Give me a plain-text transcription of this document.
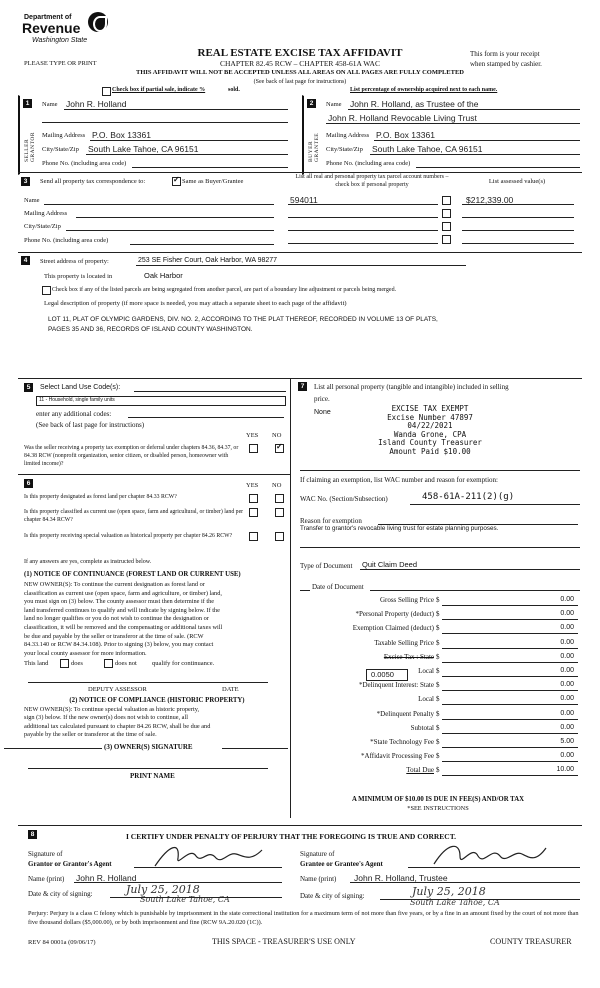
Department of
Revenue
Washington State
PLEASE TYPE OR PRINT
REAL ESTATE EXCISE TAX AFFIDAVIT
CHAPTER 82.45 RCW – CHAPTER 458-61A WAC
This form is your receipt
when stamped by cashier.
THIS AFFIDAVIT WILL NOT BE ACCEPTED UNLESS ALL AREAS ON ALL PAGES ARE FULLY COMPLETED
(See back of last page for instructions)
Check box if partial sale, indicate %	sold.	List percentage of ownership acquired next to each name.
1
SELLER GRANTOR
Name John R. Holland
Mailing Address P.O. Box 13361
City/State/Zip South Lake Tahoe, CA 96151
Phone No. (including area code)
2
BUYER GRANTEE
Name John R. Holland, as Trustee of the
John R. Holland Revocable Living Trust
Mailing Address P.O. Box 13361
City/State/Zip South Lake Tahoe, CA 96151
Phone No. (including area code)
3	Send all property tax correspondence to:
✓	Same as Buyer/Grantee
List all real and personal property tax parcel account numbers – check box if personal property	List assessed value(s)
Name
Mailing Address
City/State/Zip
Phone No. (including area code)
594011	$212,339.00
4	Street address of property:	253 SE Fisher Court, Oak Harbor, WA 98277
This property is located in	Oak Harbor
Check box if any of the listed parcels are being segregated from another parcel, are part of a boundary line adjustment or parcels being merged.
Legal description of property (if more space is needed, you may attach a separate sheet to each page of the affidavit)
LOT 11, PLAT OF OLYMPIC GARDENS, DIV. NO. 2, ACCORDING TO THE PLAT THEREOF, RECORDED IN VOLUME 13 OF PLATS,
PAGES 35 AND 36, RECORDS OF ISLAND COUNTY WASHINGTON.
5	Select Land Use Code(s):
11 - Household, single family units
enter any additional codes:
(See back of last page for instructions)
YES NO
Was the seller receiving a property tax exemption or deferral under chapters 84.36, 84.37, or 84.38 RCW (nonprofit organization, senior citizen, or disabled person, homeowner with limited income)?
✓
6	YES NO
Is this property designated as forest land per chapter 84.33 RCW?
Is this property classified as current use (open space, farm and agricultural, or timber) land per chapter 84.34 RCW?
Is this property receiving special valuation as historical property per chapter 84.26 RCW?
If any answers are yes, complete as instructed below.
(1) NOTICE OF CONTINUANCE (FOREST LAND OR CURRENT USE)
NEW OWNER(S): To continue the current designation as forest land or
classification as current use (open space, farm and agriculture, or timber) land,
you must sign on (3) below. The county assessor must then determine if the
land transferred continues to qualify and will indicate by signing below. If the
land no longer qualifies or you do not wish to continue the designation or
classification, it will be removed and the compensating or additional taxes will
be due and payable by the seller or transferor at the time of sale. (RCW
84.33.140 or RCW 84.34.108). Prior to signing (3) below, you may contact
your local county assessor for more information.
This land	does	does not qualify for continuance.
DEPUTY ASSESSOR	DATE
(2) NOTICE OF COMPLIANCE (HISTORIC PROPERTY)
NEW OWNER(S): To continue special valuation as historic property,
sign (3) below. If the new owner(s) does not wish to continue, all
additional tax calculated pursuant to chapter 84.26 RCW, shall be due and
payable by the seller or transferor at the time of sale.
(3) OWNER(S) SIGNATURE
PRINT NAME
7	List all personal property (tangible and intangible) included in selling
price.
None	EXCISE TAX EXEMPT
Excise Number 47897
04/22/2021
Wanda Grone, CPA
Island County Treasurer
Amount Paid $10.00
If claiming an exemption, list WAC number and reason for exemption:
WAC No. (Section/Subsection)	458-61A-211(2)(g)
Reason for exemption
Transfer to grantor's revocable living trust for estate planning purposes.
Type of Document Quit Claim Deed
Date of Document
Gross Selling Price $	0.00
*Personal Property (deduct) $	0.00
Exemption Claimed (deduct) $	0.00
Taxable Selling Price $	0.00
Excise Tax : State $	0.00
Local $	0.00
*Delinquent Interest: State $	0.00
Local $	0.00
*Delinquent Penalty $	0.00
Subtotal $	0.00
*State Technology Fee $	5.00
*Affidavit Processing Fee $	0.00
Total Due $	10.00
0.0050
A MINIMUM OF $10.00 IS DUE IN FEE(S) AND/OR TAX
*SEE INSTRUCTIONS
8	I CERTIFY UNDER PENALTY OF PERJURY THAT THE FOREGOING IS TRUE AND CORRECT.
Signature of
Grantor or Grantor's Agent
Name (print) John R. Holland
Date & city of signing:	July 25, 2018
South Lake Tahoe, CA
Signature of
Grantee or Grantee's Agent
Name (print) John R. Holland, Trustee
Date & city of signing:	July 25, 2018
South Lake Tahoe, CA
Perjury: Perjury is a class C felony which is punishable by imprisonment in the state correctional institution for a maximum term of not more than five years, or by a fine in an amount fixed by the court of not more than five thousand dollars ($5,000.00), or by both imprisonment and fine (RCW 9A.20.020 (1C)).
REV 84 0001a (09/06/17)	THIS SPACE - TREASURER'S USE ONLY	COUNTY TREASURER
